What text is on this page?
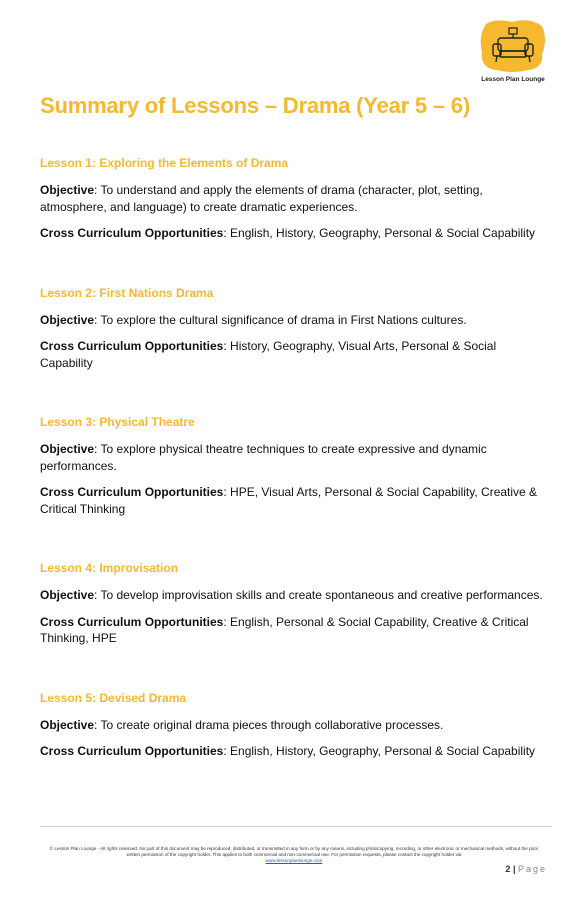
Lesson Plan Lounge
Summary of Lessons – Drama (Year 5 – 6)
Lesson 1: Exploring the Elements of Drama

Objective: To understand and apply the elements of drama (character, plot, setting, atmosphere, and language) to create dramatic experiences.

Cross Curriculum Opportunities: English, History, Geography, Personal & Social Capability

Lesson 2: First Nations Drama

Objective: To explore the cultural significance of drama in First Nations cultures.

Cross Curriculum Opportunities: History, Geography, Visual Arts, Personal & Social Capability

Lesson 3: Physical Theatre

Objective: To explore physical theatre techniques to create expressive and dynamic performances.

Cross Curriculum Opportunities: HPE, Visual Arts, Personal & Social Capability, Creative & Critical Thinking

Lesson 4: Improvisation

Objective: To develop improvisation skills and create spontaneous and creative performances.

Cross Curriculum Opportunities: English, Personal & Social Capability, Creative & Critical Thinking, HPE

Lesson 5: Devised Drama

Objective: To create original drama pieces through collaborative processes.

Cross Curriculum Opportunities: English, History, Geography, Personal & Social Capability

© Lesson Plan Lounge - All rights reserved. No part of this document may be reproduced, distributed, or transmitted in any form or by any means, including photocopying, recording, or other electronic or mechanical methods, without the prior written permission of the copyright holder. This applies to both commercial and non-commercial use. For permission requests, please contact the copyright holder via
www.lessonplanlounge.com
2 | Page
